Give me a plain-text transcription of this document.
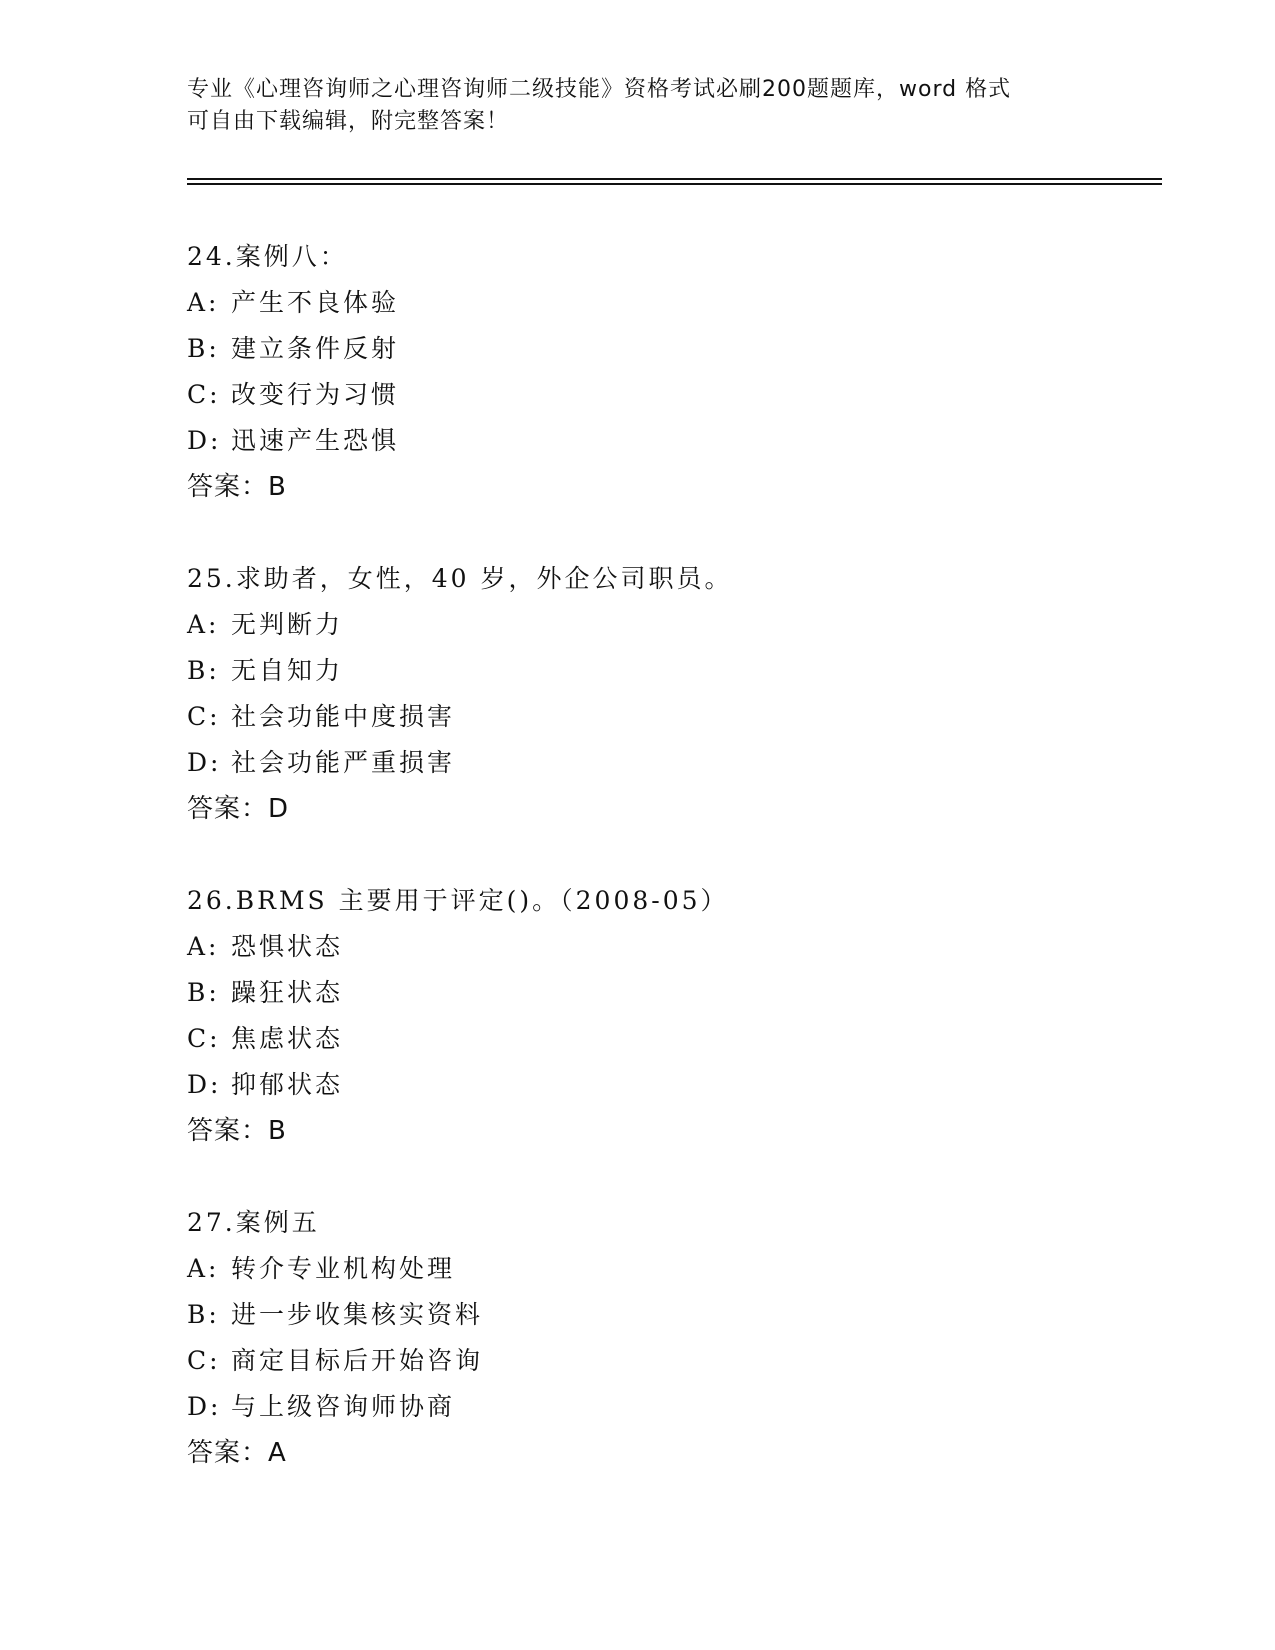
专业《心理咨询师之心理咨询师二级技能》资格考试必刷200题题库，word 格式
可自由下载编辑，附完整答案！
24.案例八：
A: 产生不良体验
B: 建立条件反射
C: 改变行为习惯
D: 迅速产生恐惧
答案：B
25.求助者，女性，40 岁，外企公司职员。
A: 无判断力
B: 无自知力
C: 社会功能中度损害
D: 社会功能严重损害
答案：D
26.BRMS 主要用于评定()。（2008-05）
A: 恐惧状态
B: 躁狂状态
C: 焦虑状态
D: 抑郁状态
答案：B
27.案例五
A: 转介专业机构处理
B: 进一步收集核实资料
C: 商定目标后开始咨询
D: 与上级咨询师协商
答案：A
